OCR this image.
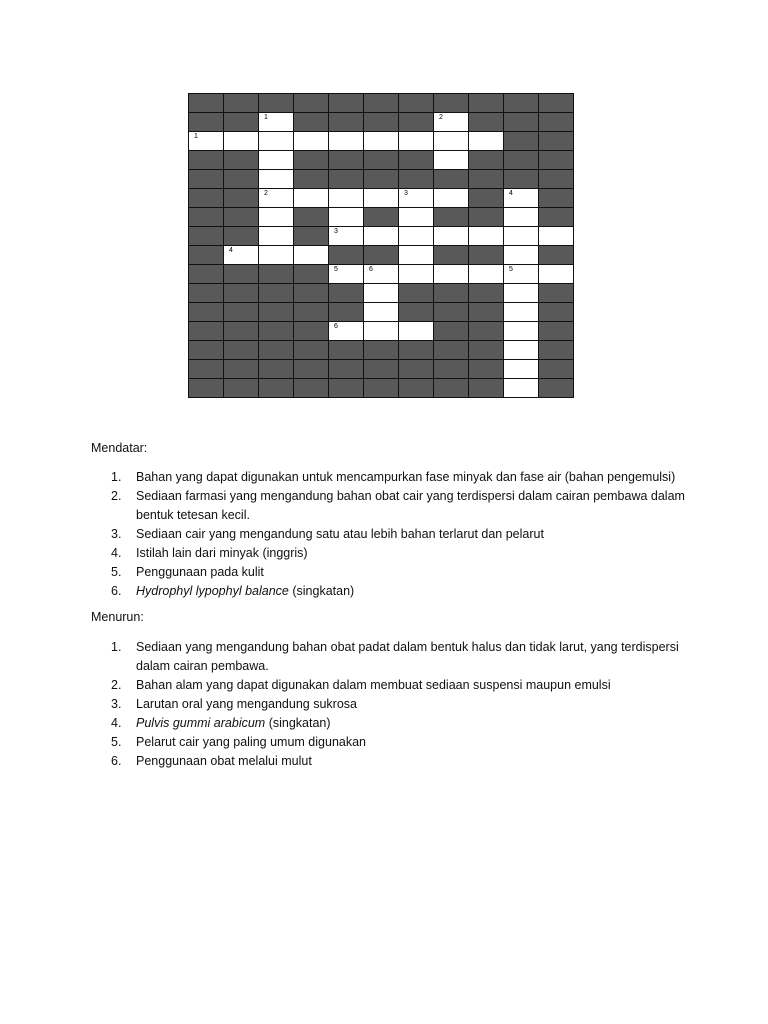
		1					2			

1										

		2				3			4	

				3						

	4									

				5	6				5	

				6						

Mendatar:
1. Bahan yang dapat digunakan untuk mencampurkan fase minyak dan fase air (bahan pengemulsi)
2. Sediaan farmasi yang mengandung bahan obat cair yang terdispersi dalam cairan pembawa dalam bentuk tetesan kecil.
3. Sediaan cair yang mengandung satu atau lebih bahan terlarut dan pelarut
4. Istilah lain dari minyak (inggris)
5. Penggunaan pada kulit
6. Hydrophyl lypophyl balance (singkatan)
Menurun:
1. Sediaan yang mengandung bahan obat padat dalam bentuk halus dan tidak larut, yang terdispersi dalam cairan pembawa.
2. Bahan alam yang dapat digunakan dalam membuat sediaan suspensi maupun emulsi
3. Larutan oral yang mengandung sukrosa
4. Pulvis gummi arabicum (singkatan)
5. Pelarut cair yang paling umum digunakan
6. Penggunaan obat melalui mulut
